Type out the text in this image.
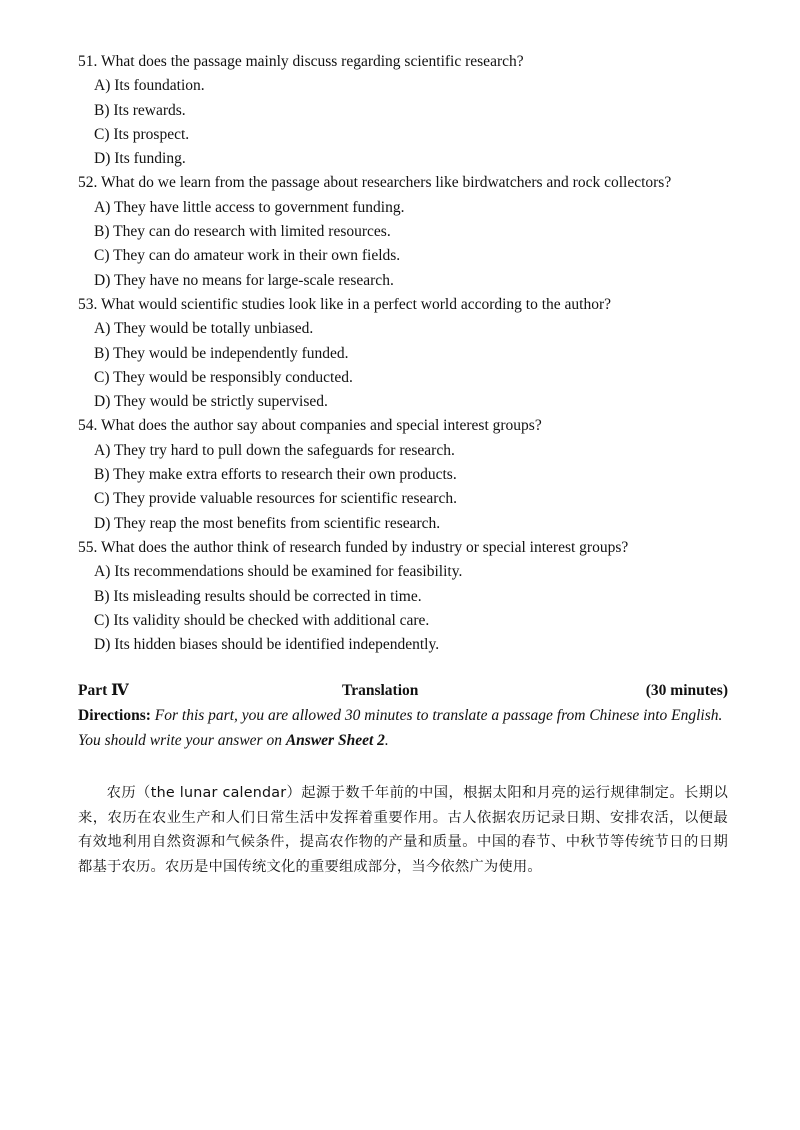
51. What does the passage mainly discuss regarding scientific research?
A) Its foundation.
B) Its rewards.
C) Its prospect.
D) Its funding.
52. What do we learn from the passage about researchers like birdwatchers and rock collectors?
A) They have little access to government funding.
B) They can do research with limited resources.
C) They can do amateur work in their own fields.
D) They have no means for large-scale research.
53. What would scientific studies look like in a perfect world according to the author?
A) They would be totally unbiased.
B) They would be independently funded.
C) They would be responsibly conducted.
D) They would be strictly supervised.
54. What does the author say about companies and special interest groups?
A) They try hard to pull down the safeguards for research.
B) They make extra efforts to research their own products.
C) They provide valuable resources for scientific research.
D) They reap the most benefits from scientific research.
55. What does the author think of research funded by industry or special interest groups?
A) Its recommendations should be examined for feasibility.
B) Its misleading results should be corrected in time.
C) Its validity should be checked with additional care.
D) Its hidden biases should be identified independently.
Part Ⅳ	Translation	(30 minutes)
Directions: For this part, you are allowed 30 minutes to translate a passage from Chinese into English. You should write your answer on Answer Sheet 2.
农历（the lunar calendar）起源于数千年前的中国，根据太阳和月亮的运行规律制定。长期以来，农历在农业生产和人们日常生活中发挥着重要作用。古人依据农历记录日期、安排农活，以便最有效地利用自然资源和气候条件，提高农作物的产量和质量。中国的春节、中秋节等传统节日的日期都基于农历。农历是中国传统文化的重要组成部分，当今依然广为使用。
